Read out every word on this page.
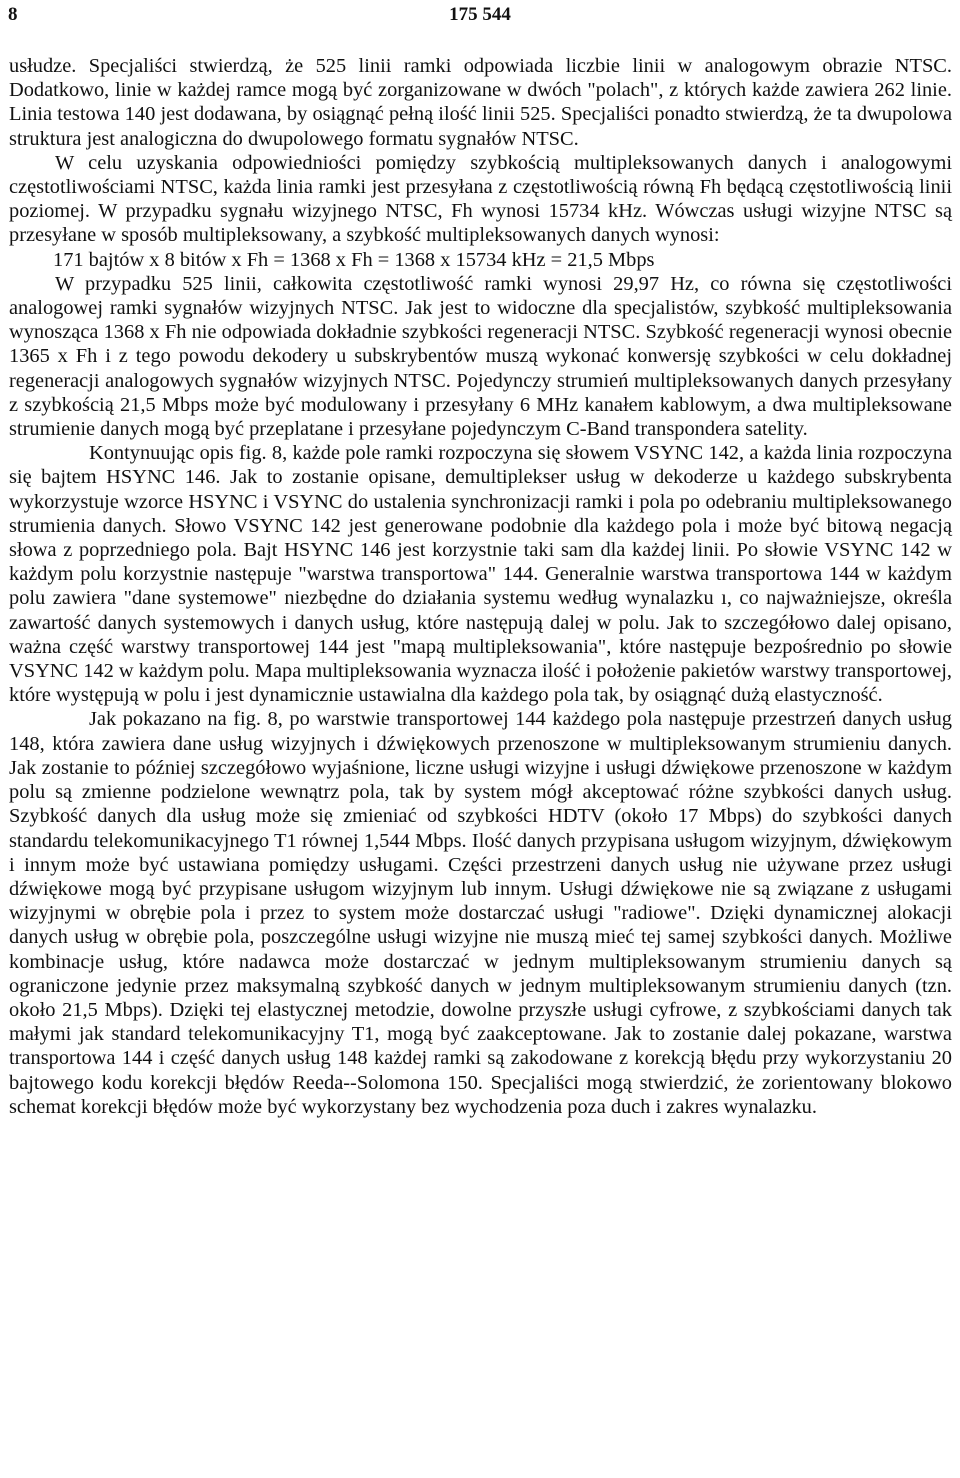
8	175 544

usłudze. Specjaliści stwierdzą, że 525 linii ramki odpowiada liczbie linii w analogowym obrazie NTSC. Dodatkowo, linie w każdej ramce mogą być zorganizowane w dwóch "polach", z których każde zawiera 262 linie. Linia testowa 140 jest dodawana, by osiągnąć pełną ilość linii 525. Specjaliści ponadto stwierdzą, że ta dwupolowa struktura jest analogiczna do dwupolowego formatu sygnałów NTSC.

W celu uzyskania odpowiedniości pomiędzy szybkością multipleksowanych danych i analogowymi częstotliwościami NTSC, każda linia ramki jest przesyłana z częstotliwością równą Fh będącą częstotliwością linii poziomej. W przypadku sygnału wizyjnego NTSC, Fh wynosi 15734 kHz. Wówczas usługi wizyjne NTSC są przesyłane w sposób multipleksowany, a szybkość multipleksowanych danych wynosi:

171 bajtów x 8 bitów x Fh = 1368 x Fh = 1368 x 15734 kHz = 21,5 Mbps

W przypadku 525 linii, całkowita częstotliwość ramki wynosi 29,97 Hz, co równa się częstotliwości analogowej ramki sygnałów wizyjnych NTSC. Jak jest to widoczne dla specjalistów, szybkość multipleksowania wynosząca 1368 x Fh nie odpowiada dokładnie szybkości regeneracji NTSC. Szybkość regeneracji wynosi obecnie 1365 x Fh i z tego powodu dekodery u subskrybentów muszą wykonać konwersję szybkości w celu dokładnej regeneracji analogowych sygnałów wizyjnych NTSC. Pojedynczy strumień multipleksowanych danych przesyłany z szybkością 21,5 Mbps może być modulowany i przesyłany 6 MHz kanałem kablowym, a dwa multipleksowane strumienie danych mogą być przeplatane i przesyłane pojedynczym C-Band transpondera satelity.

Kontynuując opis fig. 8, każde pole ramki rozpoczyna się słowem VSYNC 142, a każda linia rozpoczyna się bajtem HSYNC 146. Jak to zostanie opisane, demultiplekser usług w dekoderze u każdego subskrybenta wykorzystuje wzorce HSYNC i VSYNC do ustalenia synchronizacji ramki i pola po odebraniu multipleksowanego strumienia danych. Słowo VSYNC 142 jest generowane podobnie dla każdego pola i może być bitową negacją słowa z poprzedniego pola. Bajt HSYNC 146 jest korzystnie taki sam dla każdej linii. Po słowie VSYNC 142 w każdym polu korzystnie następuje "warstwa transportowa" 144. Generalnie warstwa transportowa 144 w każdym polu zawiera "dane systemowe" niezbędne do działania systemu według wynalazku ı, co najważniejsze, określa zawartość danych systemowych i danych usług, które następują dalej w polu. Jak to szczegółowo dalej opisano, ważna część warstwy transportowej 144 jest "mapą multipleksowania", które następuje bezpośrednio po słowie VSYNC 142 w każdym polu. Mapa multipleksowania wyznacza ilość i położenie pakietów warstwy transportowej, które występują w polu i jest dynamicznie ustawialna dla każdego pola tak, by osiągnąć dużą elastyczność.

Jak pokazano na fig. 8, po warstwie transportowej 144 każdego pola następuje przestrzeń danych usług 148, która zawiera dane usług wizyjnych i dźwiękowych przenoszone w multipleksowanym strumieniu danych. Jak zostanie to później szczegółowo wyjaśnione, liczne usługi wizyjne i usługi dźwiękowe przenoszone w każdym polu są zmienne podzielone wewnątrz pola, tak by system mógł akceptować różne szybkości danych usług. Szybkość danych dla usług może się zmieniać od szybkości HDTV (około 17 Mbps) do szybkości danych standardu telekomunikacyjnego T1 równej 1,544 Mbps. Ilość danych przypisana usługom wizyjnym, dźwiękowym i innym może być ustawiana pomiędzy usługami. Części przestrzeni danych usług nie używane przez usługi dźwiękowe mogą być przypisane usługom wizyjnym lub innym. Usługi dźwiękowe nie są związane z usługami wizyjnymi w obrębie pola i przez to system może dostarczać usługi "radiowe". Dzięki dynamicznej alokacji danych usług w obrębie pola, poszczególne usługi wizyjne nie muszą mieć tej samej szybkości danych. Możliwe kombinacje usług, które nadawca może dostarczać w jednym multipleksowanym strumieniu danych są ograniczone jedynie przez maksymalną szybkość danych w jednym multipleksowanym strumieniu danych (tzn. około 21,5 Mbps). Dzięki tej elastycznej metodzie, dowolne przyszłe usługi cyfrowe, z szybkościami danych tak małymi jak standard telekomunikacyjny T1, mogą być zaakceptowane. Jak to zostanie dalej pokazane, warstwa transportowa 144 i część danych usług 148 każdej ramki są zakodowane z korekcją błędu przy wykorzystaniu 20 bajtowego kodu korekcji błędów Reeda--Solomona 150. Specjaliści mogą stwierdzić, że zorientowany blokowo schemat korekcji błędów może być wykorzystany bez wychodzenia poza duch i zakres wynalazku.
